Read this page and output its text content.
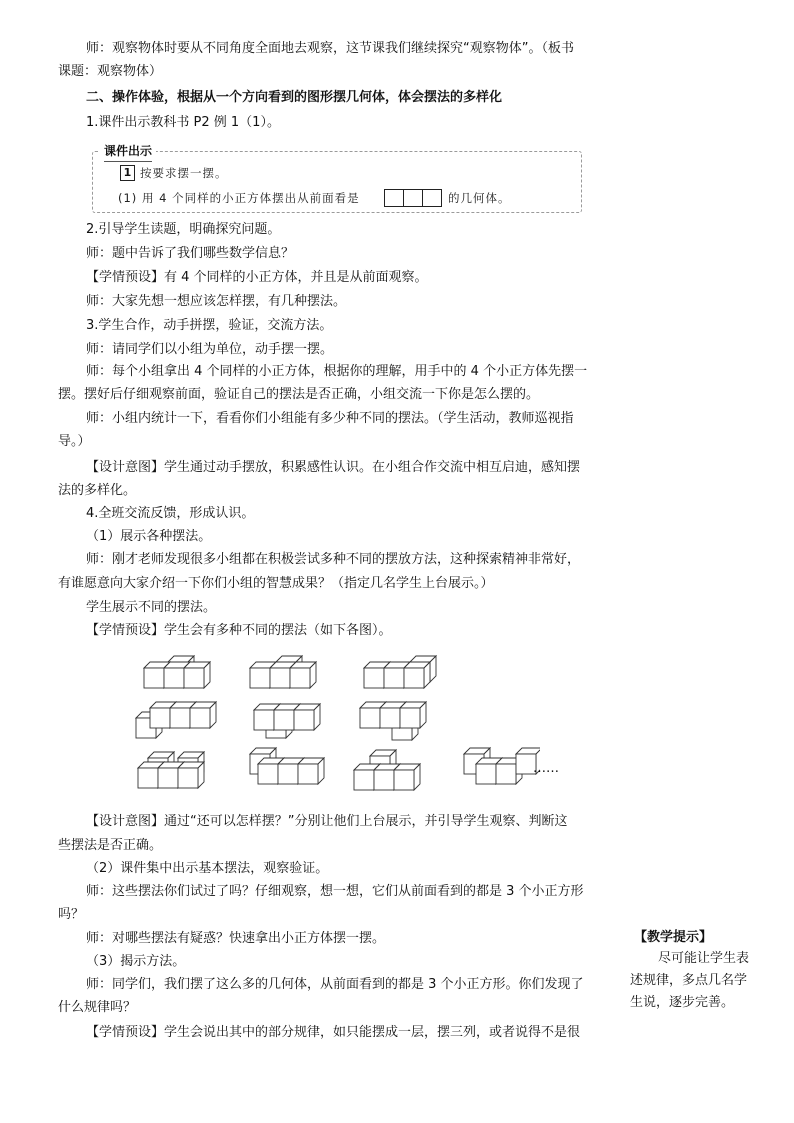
师：观察物体时要从不同角度全面地去观察，这节课我们继续探究“观察物体”。（板书
课题：观察物体）
二、操作体验，根据从一个方向看到的图形摆几何体，体会摆法的多样化
1.课件出示教科书 P2 例 1（1）。
课件出示
1 按要求摆一摆。
(1) 用 4 个同样的小正方体摆出从前面看是	的几何体。
2.引导学生读题，明确探究问题。
师：题中告诉了我们哪些数学信息？
【学情预设】有 4 个同样的小正方体，并且是从前面观察。
师：大家先想一想应该怎样摆，有几种摆法。
3.学生合作，动手拼摆，验证，交流方法。
师：请同学们以小组为单位，动手摆一摆。
师：每个小组拿出 4 个同样的小正方体，根据你的理解，用手中的 4 个小正方体先摆一
摆。摆好后仔细观察前面，验证自己的摆法是否正确，小组交流一下你是怎么摆的。
师：小组内统计一下，看看你们小组能有多少种不同的摆法。（学生活动，教师巡视指
导。）
【设计意图】学生通过动手摆放，积累感性认识。在小组合作交流中相互启迪，感知摆
法的多样化。
4.全班交流反馈，形成认识。
（1）展示各种摆法。
师：刚才老师发现很多小组都在积极尝试多种不同的摆放方法，这种探索精神非常好，
有谁愿意向大家介绍一下你们小组的智慧成果？（指定几名学生上台展示。）
学生展示不同的摆法。
【学情预设】学生会有多种不同的摆法（如下各图）。
……
【设计意图】通过“还可以怎样摆？”分别让他们上台展示，并引导学生观察、判断这
些摆法是否正确。
（2）课件集中出示基本摆法，观察验证。
师：这些摆法你们试过了吗？仔细观察，想一想，它们从前面看到的都是 3 个小正方形
吗？
师：对哪些摆法有疑惑？快速拿出小正方体摆一摆。
（3）揭示方法。
师：同学们，我们摆了这么多的几何体，从前面看到的都是 3 个小正方形。你们发现了
什么规律吗？
【学情预设】学生会说出其中的部分规律，如只能摆成一层，摆三列，或者说得不是很
【教学提示】
尽可能让学生表
述规律，多点几名学
生说，逐步完善。
